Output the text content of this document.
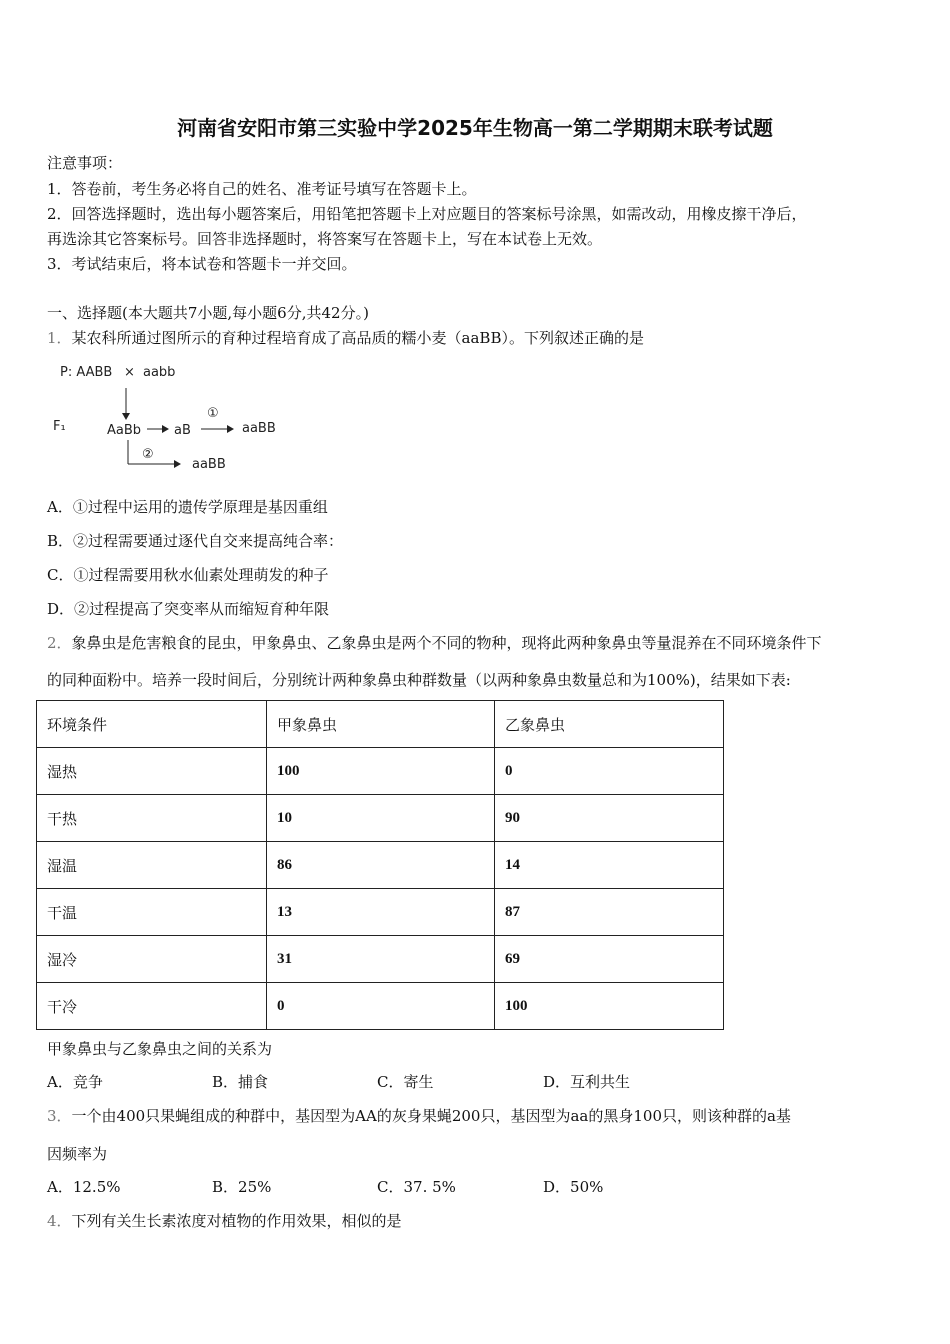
河南省安阳市第三实验中学2025年生物高一第二学期期末联考试题
注意事项：
1．答卷前，考生务必将自己的姓名、准考证号填写在答题卡上。
2．回答选择题时，选出每小题答案后，用铅笔把答题卡上对应题目的答案标号涂黑，如需改动，用橡皮擦干净后，
再选涂其它答案标号。回答非选择题时，将答案写在答题卡上，写在本试卷上无效。
3．考试结束后，将本试卷和答题卡一并交回。
一、选择题(本大题共7小题,每小题6分,共42分。)
1．某农科所通过图所示的育种过程培育成了高品质的糯小麦（aaBB）。下列叙述正确的是
P: AABB × aabb
F₁	AaBb	aB
①
aaBB
②
aaBB
A．①过程中运用的遗传学原理是基因重组
B．②过程需要通过逐代自交来提高纯合率：
C．①过程需要用秋水仙素处理萌发的种子
D．②过程提高了突变率从而缩短育种年限
2．象鼻虫是危害粮食的昆虫，甲象鼻虫、乙象鼻虫是两个不同的物种，现将此两种象鼻虫等量混养在不同环境条件下
的同种面粉中。培养一段时间后，分别统计两种象鼻虫种群数量（以两种象鼻虫数量总和为100%)，结果如下表:
环境条件	甲象鼻虫	乙象鼻虫
湿热	100	0
干热	10	90
湿温	86	14
干温	13	87
湿冷	31	69
干冷	0	100
甲象鼻虫与乙象鼻虫之间的关系为
A．竞争	B．捕食	C．寄生	D．互利共生
3．一个由400只果蝇组成的种群中，基因型为AA的灰身果蝇200只，基因型为aa的黑身100只，则该种群的a基
因频率为
A．12.5%	B．25%	C．37. 5%	D．50%
4．下列有关生长素浓度对植物的作用效果，相似的是
